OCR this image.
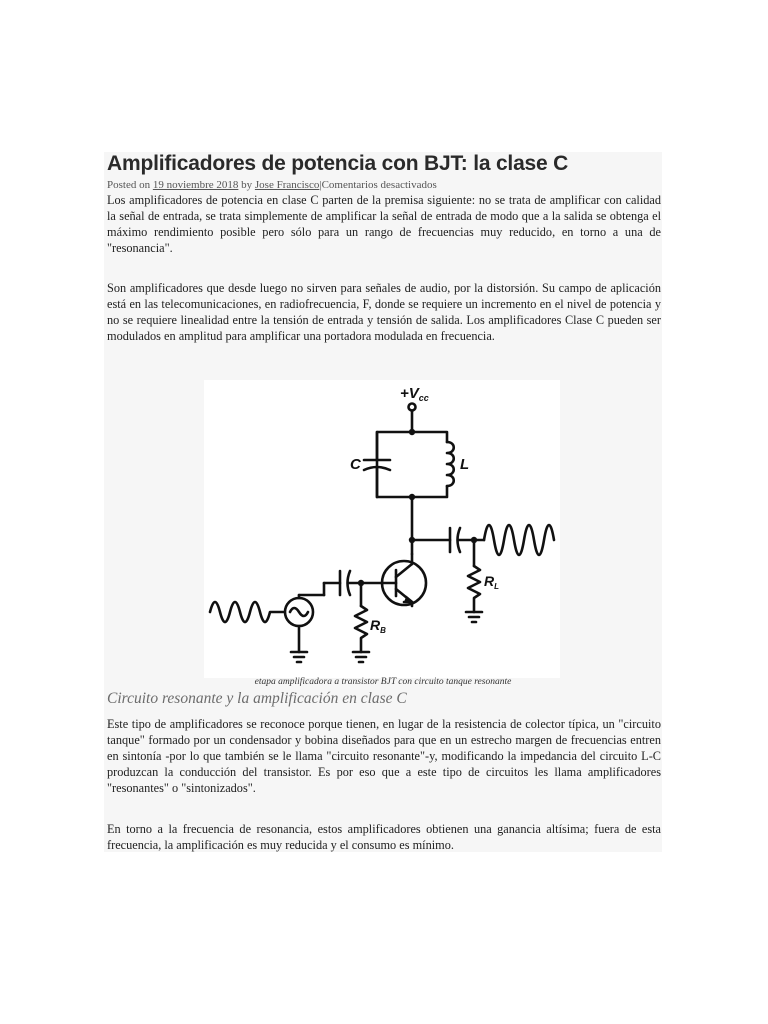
Amplificadores de potencia con BJT: la clase C
Posted on 19 noviembre 2018 by Jose Francisco|Comentarios desactivados

Los amplificadores de potencia en clase C parten de la premisa siguiente: no se trata de amplificar con calidad la señal de entrada, se trata simplemente de amplificar la señal de entrada de modo que a la salida se obtenga el máximo rendimiento posible pero sólo para un rango de frecuencias muy reducido, en torno a una de "resonancia".

Son amplificadores que desde luego no sirven para señales de audio, por la distorsión. Su campo de aplicación está en las telecomunicaciones, en radiofrecuencia, F, donde se requiere un incremento en el nivel de potencia y no se requiere linealidad entre la tensión de entrada y tensión de salida. Los amplificadores Clase C pueden ser modulados en amplitud para amplificar una portadora modulada en frecuencia.

$+V_{cc}$
C	L
$R_L$
$R_B$
etapa amplificadora a transistor BJT con circuito tanque resonante
Circuito resonante y la amplificación en clase C

Este tipo de amplificadores se reconoce porque tienen, en lugar de la resistencia de colector típica, un "circuito tanque" formado por un condensador y bobina diseñados para que en un estrecho margen de frecuencias entren en sintonía -por lo que también se le llama "circuito resonante"-y, modificando la impedancia del circuito L-C produzcan la conducción del transistor. Es por eso que a este tipo de circuitos les llama amplificadores "resonantes" o "sintonizados".

En torno a la frecuencia de resonancia, estos amplificadores obtienen una ganancia altísima; fuera de esta frecuencia, la amplificación es muy reducida y el consumo es mínimo.
